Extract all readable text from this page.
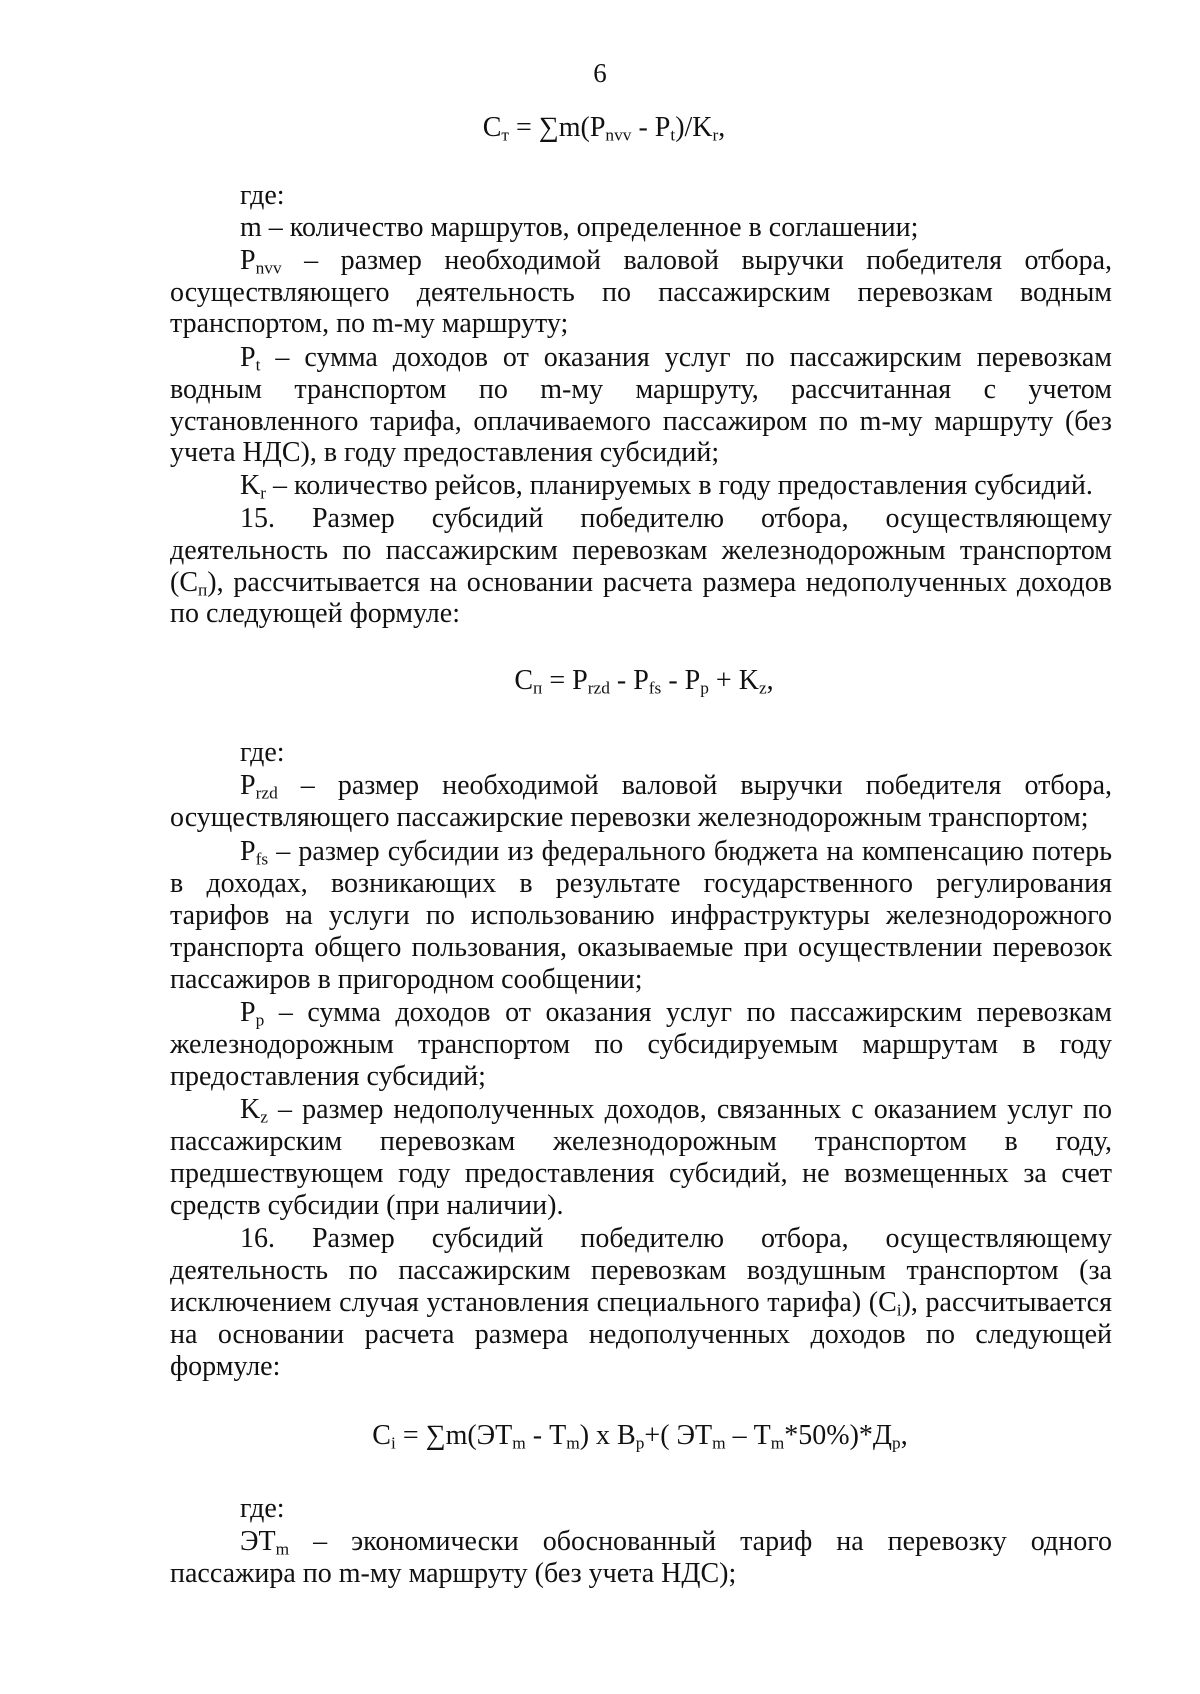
6
$С_т = \sum m(P_{nvv} - P_t)/K_r$,
где:
m – количество маршрутов, определенное в соглашении;
$P_{nvv}$ – размер необходимой валовой выручки победителя отбора,
осуществляющего деятельность по пассажирским перевозкам водным
транспортом, по m-му маршруту;
$P_t$ – сумма доходов от оказания услуг по пассажирским перевозкам
водным транспортом по m-му маршруту, рассчитанная с учетом
установленного тарифа, оплачиваемого пассажиром по m-му маршруту (без
учета НДС), в году предоставления субсидий;
$K_r$ – количество рейсов, планируемых в году предоставления субсидий.
15. Размер субсидий победителю отбора, осуществляющему
деятельность по пассажирским перевозкам железнодорожным транспортом
$(С_п)$, рассчитывается на основании расчета размера недополученных доходов
по следующей формуле:
$С_п = P_{rzd} - P_{fs} - P_p + K_z$,
где:
$P_{rzd}$ – размер необходимой валовой выручки победителя отбора,
осуществляющего пассажирские перевозки железнодорожным транспортом;
$P_{fs}$ – размер субсидии из федерального бюджета на компенсацию потерь
в доходах, возникающих в результате государственного регулирования
тарифов на услуги по использованию инфраструктуры железнодорожного
транспорта общего пользования, оказываемые при осуществлении перевозок
пассажиров в пригородном сообщении;
$P_p$ – сумма доходов от оказания услуг по пассажирским перевозкам
железнодорожным транспортом по субсидируемым маршрутам в году
предоставления субсидий;
$K_z$ – размер недополученных доходов, связанных с оказанием услуг по
пассажирским перевозкам железнодорожным транспортом в году,
предшествующем году предоставления субсидий, не возмещенных за счет
средств субсидии (при наличии).
16. Размер субсидий победителю отбора, осуществляющему
деятельность по пассажирским перевозкам воздушным транспортом (за
исключением случая установления специального тарифа) $(С_i)$, рассчитывается
на основании расчета размера недополученных доходов по следующей
формуле:
$С_i = \sum m(ЭТ_m - Т_m)$ х $В_р+$( $ЭТ_m - Т_m*50\%)*Д_р$,
где:
$ЭТ_m$ – экономически обоснованный тариф на перевозку одного
пассажира по m-му маршруту (без учета НДС);
